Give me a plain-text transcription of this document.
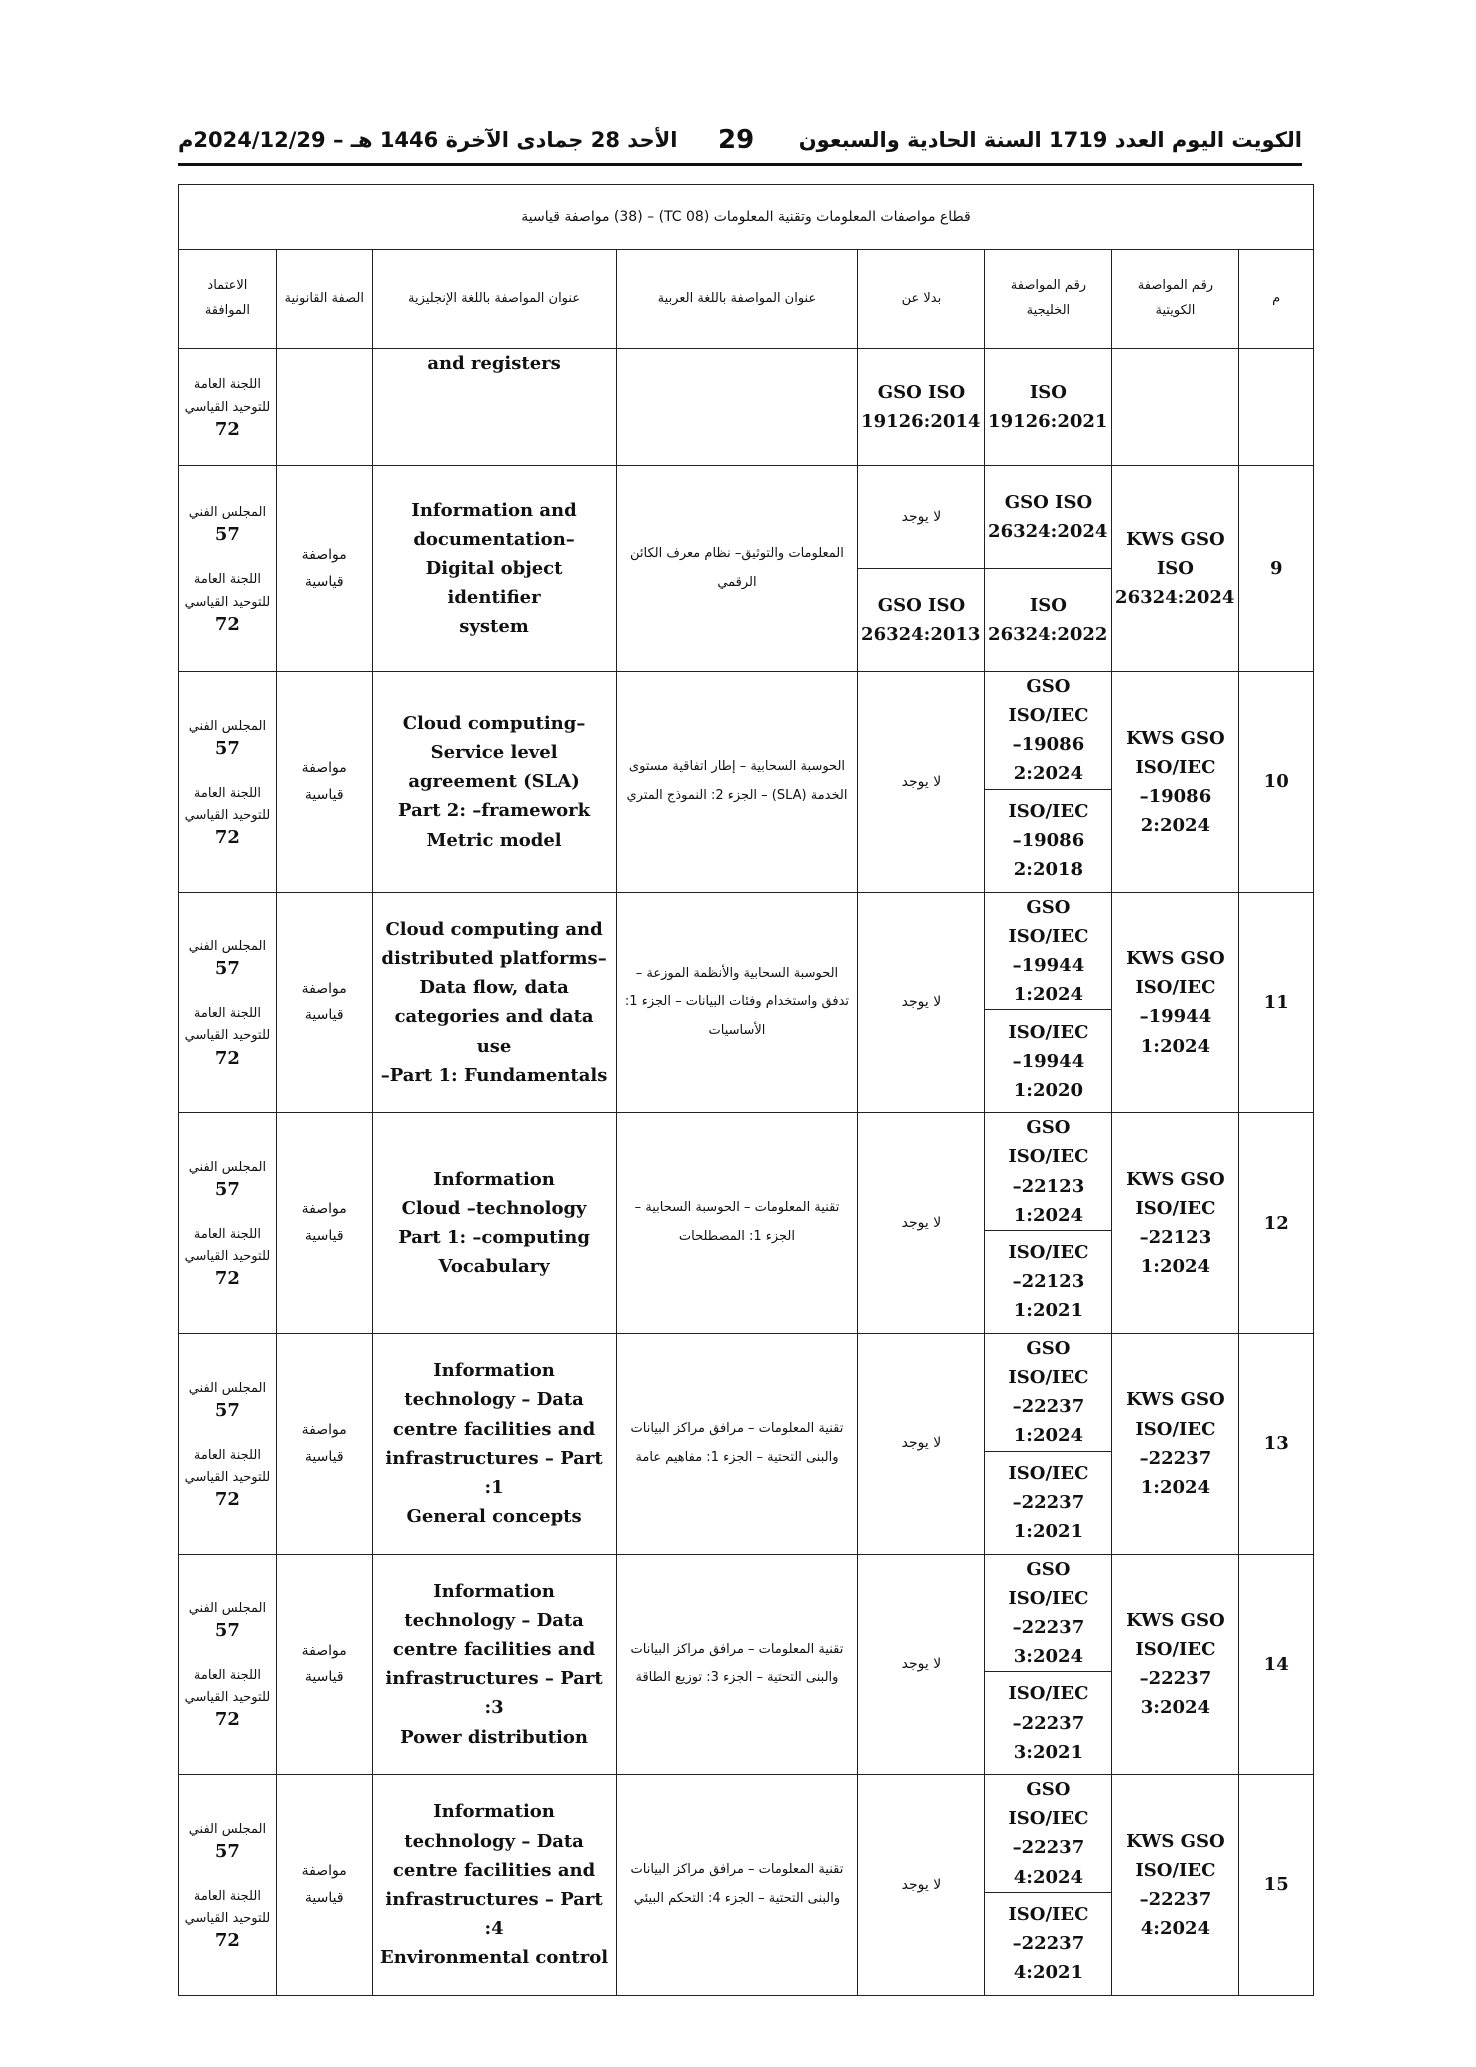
الكويت اليوم العدد 1719 السنة الحادية والسبعون
29
الأحد 28 جمادى الآخرة 1446 هـ – 2024/12/29م
قطاع مواصفات المعلومات وتقنية المعلومات (TC 08) – (38) مواصفة قياسية							
م	رقم المواصفة الكويتية	رقم المواصفة الخليجية	بدلا عن	عنوان المواصفة باللغة العربية	عنوان المواصفة باللغة الإنجليزية	الصفة القانونية	الاعتماد الموافقة
		ISO
19126:2021	GSO ISO
19126:2014		and registers		اللجنة العامة للتوحيد القياسي
72

9	KWS GSO
ISO
26324:2024	GSO ISO
26324:2024	لا يوجد	المعلومات والتوثيق– نظام معرف الكائن الرقمي	Information and
–documentation
Digital object identifier
system	مواصفة قياسية	المجلس الفني
57
اللجنة العامة للتوحيد القياسي
72

		ISO
26324:2022	GSO ISO
26324:2013				
10	KWS GSO
ISO/IEC
19086–
2:2024	GSO
ISO/IEC
19086–
2:2024	لا يوجد	الحوسبة السحابية – إطار اتفاقية مستوى الخدمة (SLA) – الجزء 2: النموذج المتري	–Cloud computing
Service level
agreement (SLA)
Part 2: –framework
Metric model	مواصفة قياسية	المجلس الفني
57
اللجنة العامة للتوحيد القياسي
72

		ISO/IEC
19086–
2:2018					
11	KWS GSO
ISO/IEC
19944–
1:2024	GSO
ISO/IEC
19944–
1:2024	لا يوجد	الحوسبة السحابية والأنظمة الموزعة – تدفق واستخدام وفئات البيانات – الجزء 1: الأساسيات	Cloud computing and
–distributed platforms
Data flow, data
categories and data use
Part 1: Fundamentals–	مواصفة قياسية	المجلس الفني
57
اللجنة العامة للتوحيد القياسي
72

		ISO/IEC
19944–
1:2020					
12	KWS GSO
ISO/IEC
22123–
1:2024	GSO
ISO/IEC
22123–
1:2024	لا يوجد	تقنية المعلومات – الحوسبة السحابية – الجزء 1: المصطلحات	Information
Cloud –technology
Part 1: –computing
Vocabulary	مواصفة قياسية	المجلس الفني
57
اللجنة العامة للتوحيد القياسي
72

		ISO/IEC
22123–
1:2021					
13	KWS GSO
ISO/IEC
22237–
1:2024	GSO
ISO/IEC
22237–
1:2024	لا يوجد	تقنية المعلومات – مرافق مراكز البيانات والبنى التحتية – الجزء 1: مفاهيم عامة	Information
technology – Data
centre facilities and
infrastructures – Part 1:
General concepts	مواصفة قياسية	المجلس الفني
57
اللجنة العامة للتوحيد القياسي
72

		ISO/IEC
22237–
1:2021					
14	KWS GSO
ISO/IEC
22237–
3:2024	GSO
ISO/IEC
22237–
3:2024	لا يوجد	تقنية المعلومات – مرافق مراكز البيانات والبنى التحتية – الجزء 3: توزيع الطاقة	Information
technology – Data
centre facilities and
infrastructures – Part 3:
Power distribution	مواصفة قياسية	المجلس الفني
57
اللجنة العامة للتوحيد القياسي
72

		ISO/IEC
22237–
3:2021					
15	KWS GSO
ISO/IEC
22237–
4:2024	GSO
ISO/IEC
22237–
4:2024	لا يوجد	تقنية المعلومات – مرافق مراكز البيانات والبنى التحتية – الجزء 4: التحكم البيئي	Information
technology – Data
centre facilities and
infrastructures – Part 4:
Environmental control	مواصفة قياسية	المجلس الفني
57
اللجنة العامة للتوحيد القياسي
72

		ISO/IEC
22237–
4:2021					
